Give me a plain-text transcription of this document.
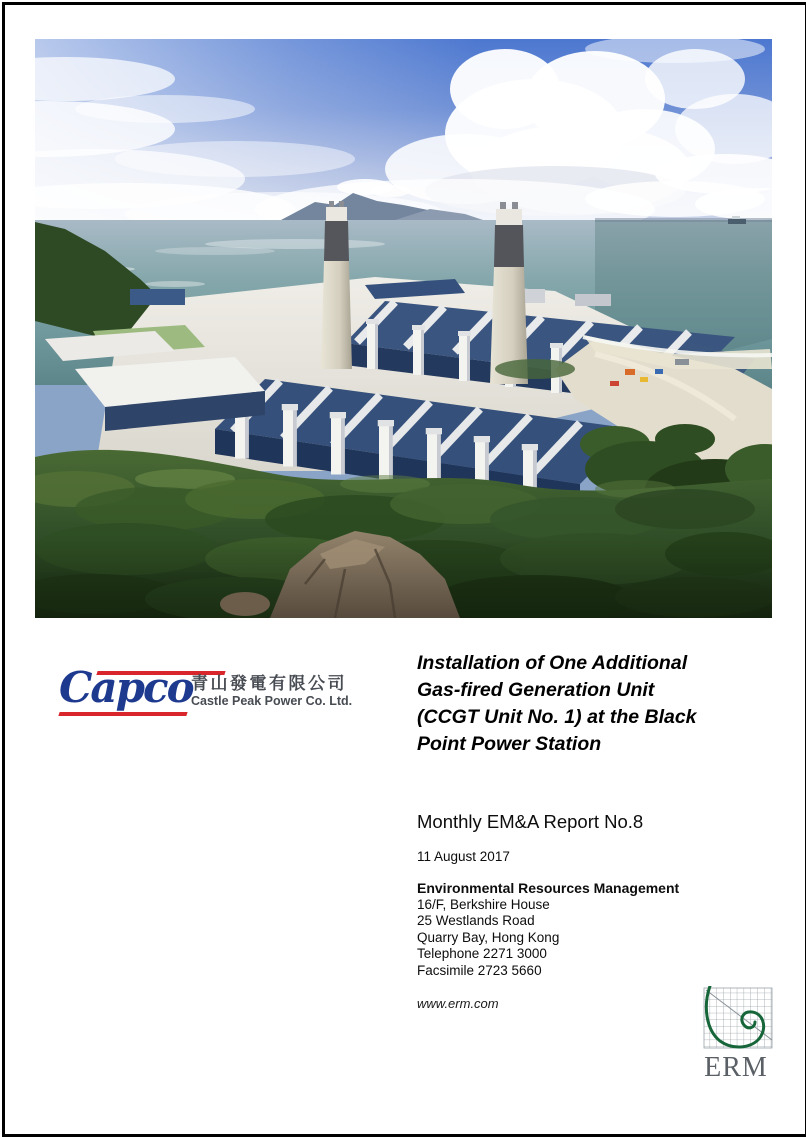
Capco
青山發電有限公司
Castle Peak Power Co. Ltd.
Installation of One Additional
Gas-fired Generation Unit
(CCGT Unit No. 1) at the Black
Point Power Station
Monthly EM&A Report No.8
11 August 2017
Environmental Resources Management
16/F, Berkshire House
25 Westlands Road
Quarry Bay, Hong Kong
Telephone 2271 3000
Facsimile 2723 5660
www.erm.com
ERM
